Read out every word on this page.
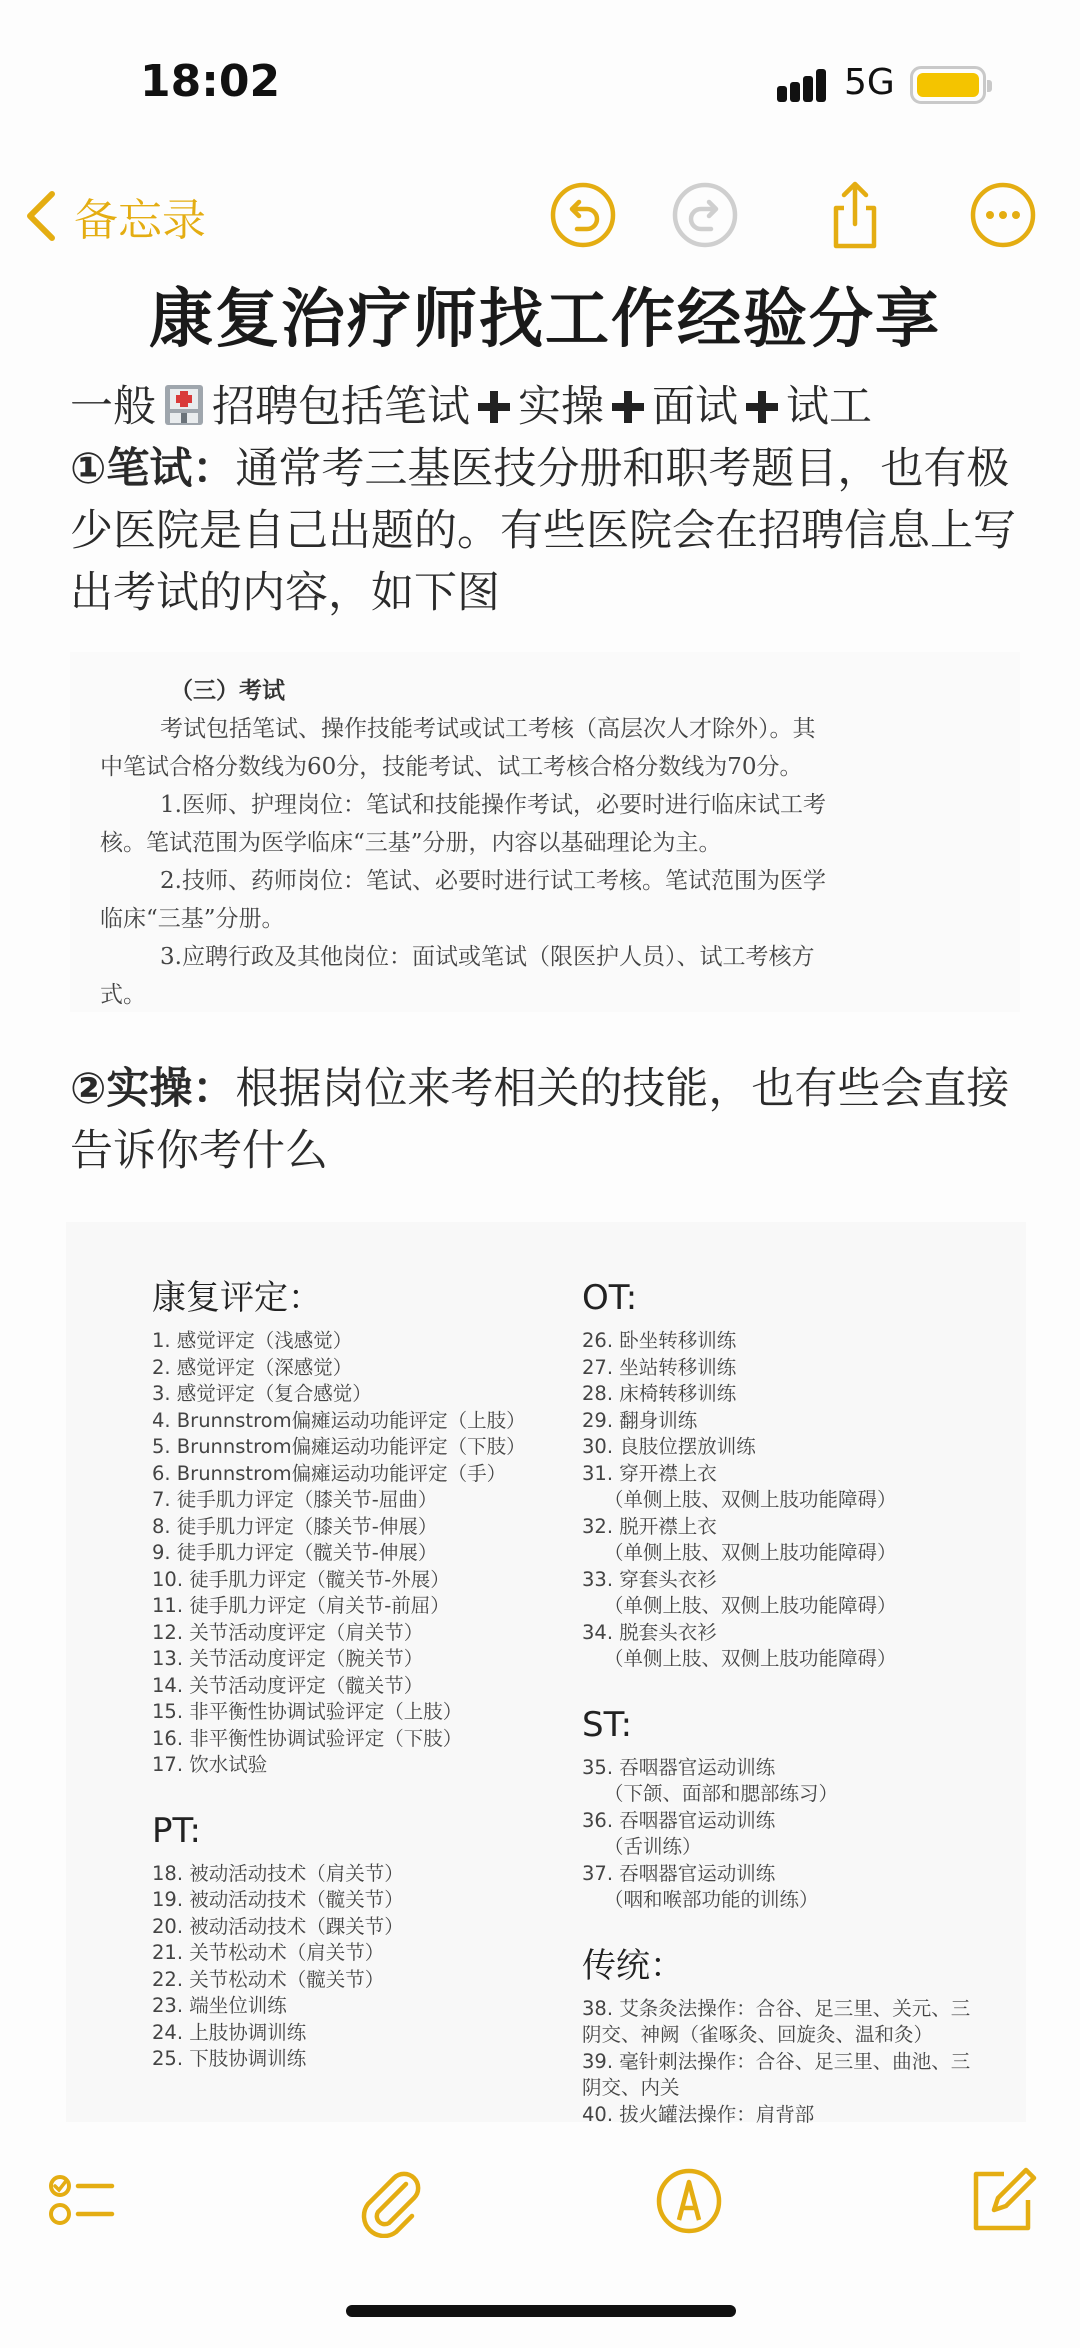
18:02	5G
备忘录
康复治疗师找工作经验分享
一般 招聘包括笔试 实操 面试 试工
①笔试：通常考三基医技分册和职考题目，也有极少医院是自己出题的。有些医院会在招聘信息上写出考试的内容，如下图
（三）考试
考试包括笔试、操作技能考试或试工考核（高层次人才除外）。其
中笔试合格分数线为60分，技能考试、试工考核合格分数线为70分。
1.医师、护理岗位：笔试和技能操作考试，必要时进行临床试工考
核。笔试范围为医学临床“三基”分册，内容以基础理论为主。
2.技师、药师岗位：笔试、必要时进行试工考核。笔试范围为医学
临床“三基”分册。
3.应聘行政及其他岗位：面试或笔试（限医护人员）、试工考核方
式。
②实操：根据岗位来考相关的技能，也有些会直接告诉你考什么
康复评定：
1. 感觉评定（浅感觉）
2. 感觉评定（深感觉）
3. 感觉评定（复合感觉）
4. Brunnstrom偏瘫运动功能评定（上肢）
5. Brunnstrom偏瘫运动功能评定（下肢）
6. Brunnstrom偏瘫运动功能评定（手）
7. 徒手肌力评定（膝关节-屈曲）
8. 徒手肌力评定（膝关节-伸展）
9. 徒手肌力评定（髋关节-伸展）
10. 徒手肌力评定（髋关节-外展）
11. 徒手肌力评定（肩关节-前屈）
12. 关节活动度评定（肩关节）
13. 关节活动度评定（腕关节）
14. 关节活动度评定（髋关节）
15. 非平衡性协调试验评定（上肢）
16. 非平衡性协调试验评定（下肢）
17. 饮水试验
PT:
18. 被动活动技术（肩关节）
19. 被动活动技术（髋关节）
20. 被动活动技术（踝关节）
21. 关节松动术（肩关节）
22. 关节松动术（髋关节）
23. 端坐位训练
24. 上肢协调训练
25. 下肢协调训练
OT:
26. 卧坐转移训练
27. 坐站转移训练
28. 床椅转移训练
29. 翻身训练
30. 良肢位摆放训练
31. 穿开襟上衣
（单侧上肢、双侧上肢功能障碍）
32. 脱开襟上衣
（单侧上肢、双侧上肢功能障碍）
33. 穿套头衣衫
（单侧上肢、双侧上肢功能障碍）
34. 脱套头衣衫
（单侧上肢、双侧上肢功能障碍）
ST:
35. 吞咽器官运动训练
（下颌、面部和腮部练习）
36. 吞咽器官运动训练
（舌训练）
37. 吞咽器官运动训练
（咽和喉部功能的训练）
传统：
38. 艾条灸法操作：合谷、足三里、关元、三
阴交、神阙（雀啄灸、回旋灸、温和灸）
39. 毫针刺法操作：合谷、足三里、曲池、三
阴交、内关
40. 拔火罐法操作：肩背部
